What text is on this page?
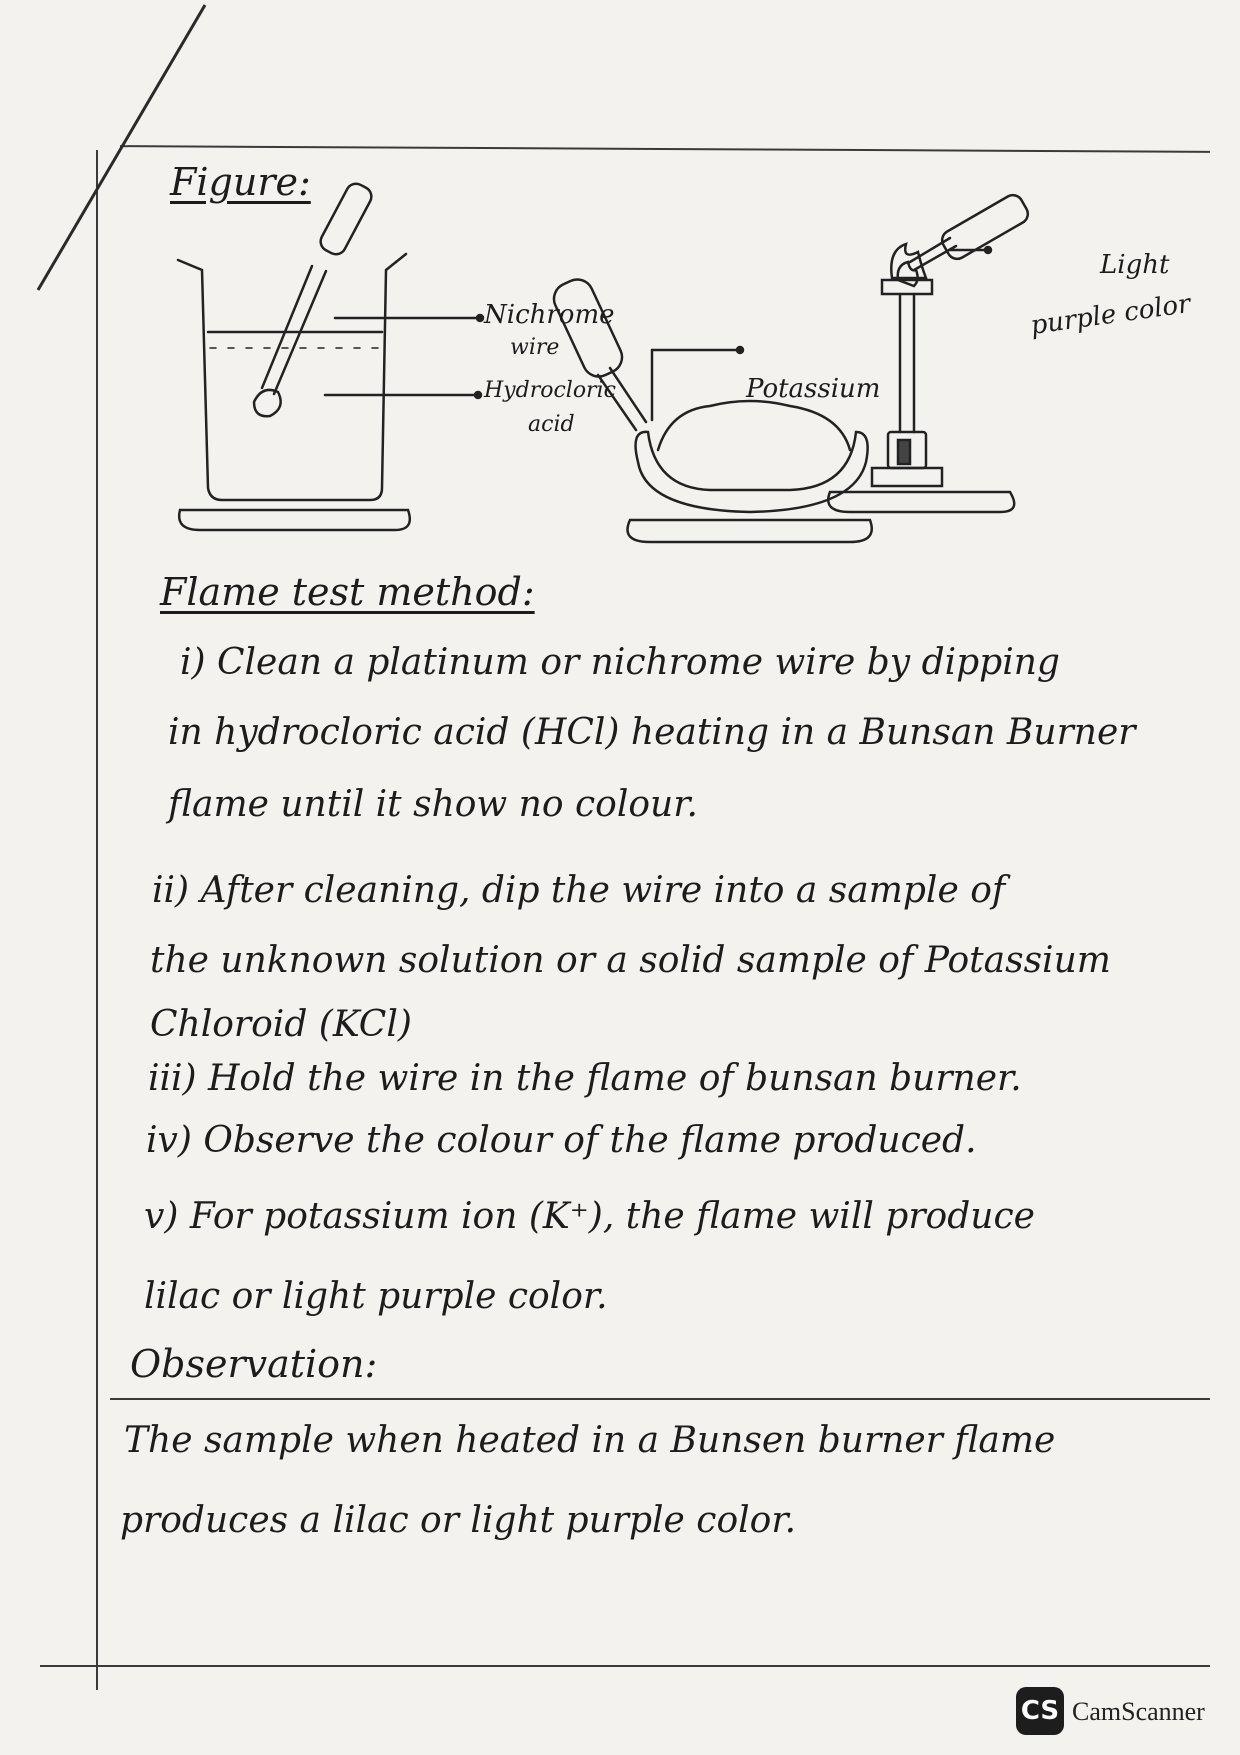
Figure:
Nichrome
wire
Hydrocloric
acid
Potassium
Light
purple color
Flame test method:
i) Clean a platinum or nichrome wire by dipping
in hydrocloric acid (HCl) heating in a Bunsan Burner
flame until it show no colour.
ii) After cleaning, dip the wire into a sample of
the unknown solution or a solid sample of Potassium
Chloroid (KCl)
iii) Hold the wire in the flame of bunsan burner.
iv) Observe the colour of the flame produced.
v) For potassium ion (K⁺), the flame will produce
lilac or light purple color.
Observation:
The sample when heated in a Bunsen burner flame
produces a lilac or light purple color.
CS CamScanner
